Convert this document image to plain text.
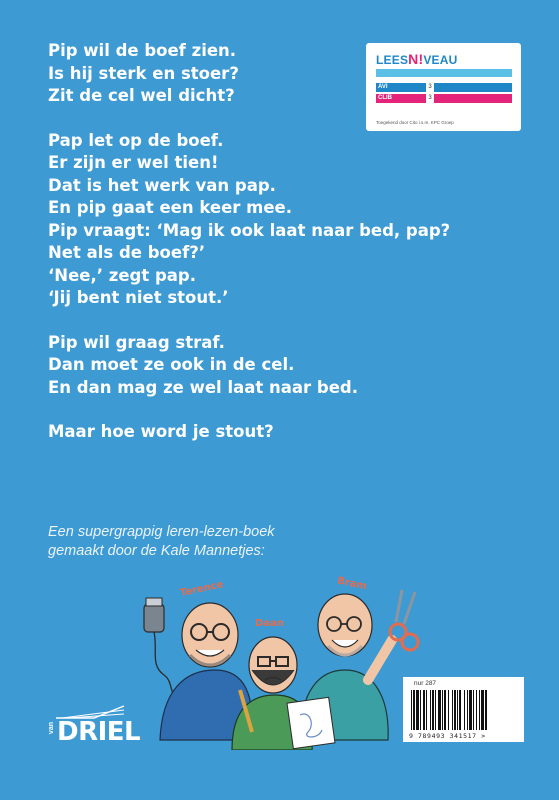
Pip wil de boef zien.
Is hij sterk en stoer?
Zit de cel wel dicht?
Pap let op de boef.
Er zijn er wel tien!
Dat is het werk van pap.
En pip gaat een keer mee.
Pip vraagt: ‘Mag ik ook laat naar bed, pap?
Net als de boef?’
‘Nee,’ zegt pap.
‘Jij bent niet stout.’
Pip wil graag straf.
Dan moet ze ook in de cel.
En dan mag ze wel laat naar bed.
Maar hoe word je stout?
LEESN!VEAU
AVI	3
CLIB	3
Toegekend door Cito i.s.m. KPC Groep
Een supergrappig leren-lezen-boek
gemaakt door de Kale Mannetjes:
Terence
Daan
Bram
van DRIEL
nur 287
9 789493 341517 >
